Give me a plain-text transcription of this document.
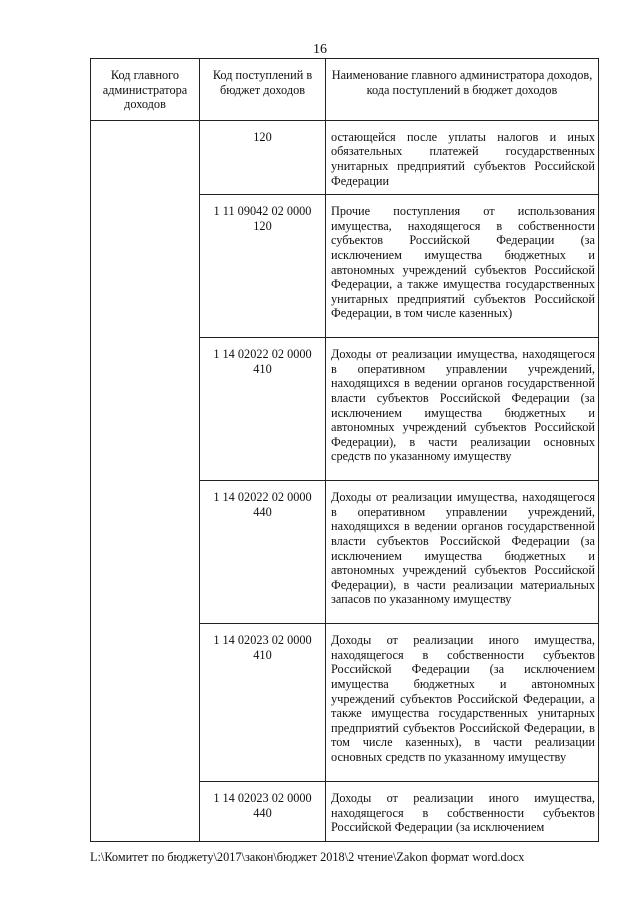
16
Код главного администратора доходов	Код поступлений в бюджет доходов	Наименование главного администратора доходов, кода поступлений в бюджет доходов
	120	остающейся после уплаты налогов и иных обязательных платежей государственных унитарных предприятий субъектов Российской Федерации

	1 11 09042 02 0000 120	Прочие поступления от использования имущества, находящегося в собственности субъектов Российской Федерации (за исключением имущества бюджетных и автономных учреждений субъектов Российской Федерации, а также имущества государственных унитарных предприятий субъектов Российской Федерации, в том числе казенных)

	1 14 02022 02 0000 410	Доходы от реализации имущества, находящегося в оперативном управлении учреждений, находящихся в ведении органов государственной власти субъектов Российской Федерации (за исключением имущества бюджетных и автономных учреждений субъектов Российской Федерации), в части реализации основных средств по указанному имуществу

	1 14 02022 02 0000 440	Доходы от реализации имущества, находящегося в оперативном управлении учреждений, находящихся в ведении органов государственной власти субъектов Российской Федерации (за исключением имущества бюджетных и автономных учреждений субъектов Российской Федерации), в части реализации материальных запасов по указанному имуществу

	1 14 02023 02 0000 410	Доходы от реализации иного имущества, находящегося в собственности субъектов Российской Федерации (за исключением имущества бюджетных и автономных учреждений субъектов Российской Федерации, а также имущества государственных унитарных предприятий субъектов Российской Федерации, в том числе казенных), в части реализации основных средств по указанному имуществу

	1 14 02023 02 0000 440	Доходы от реализации иного имущества, находящегося в собственности субъектов Российской Федерации (за исключением
L:\Комитет по бюджету\2017\закон\бюджет 2018\2 чтение\Zakon формат word.docx
